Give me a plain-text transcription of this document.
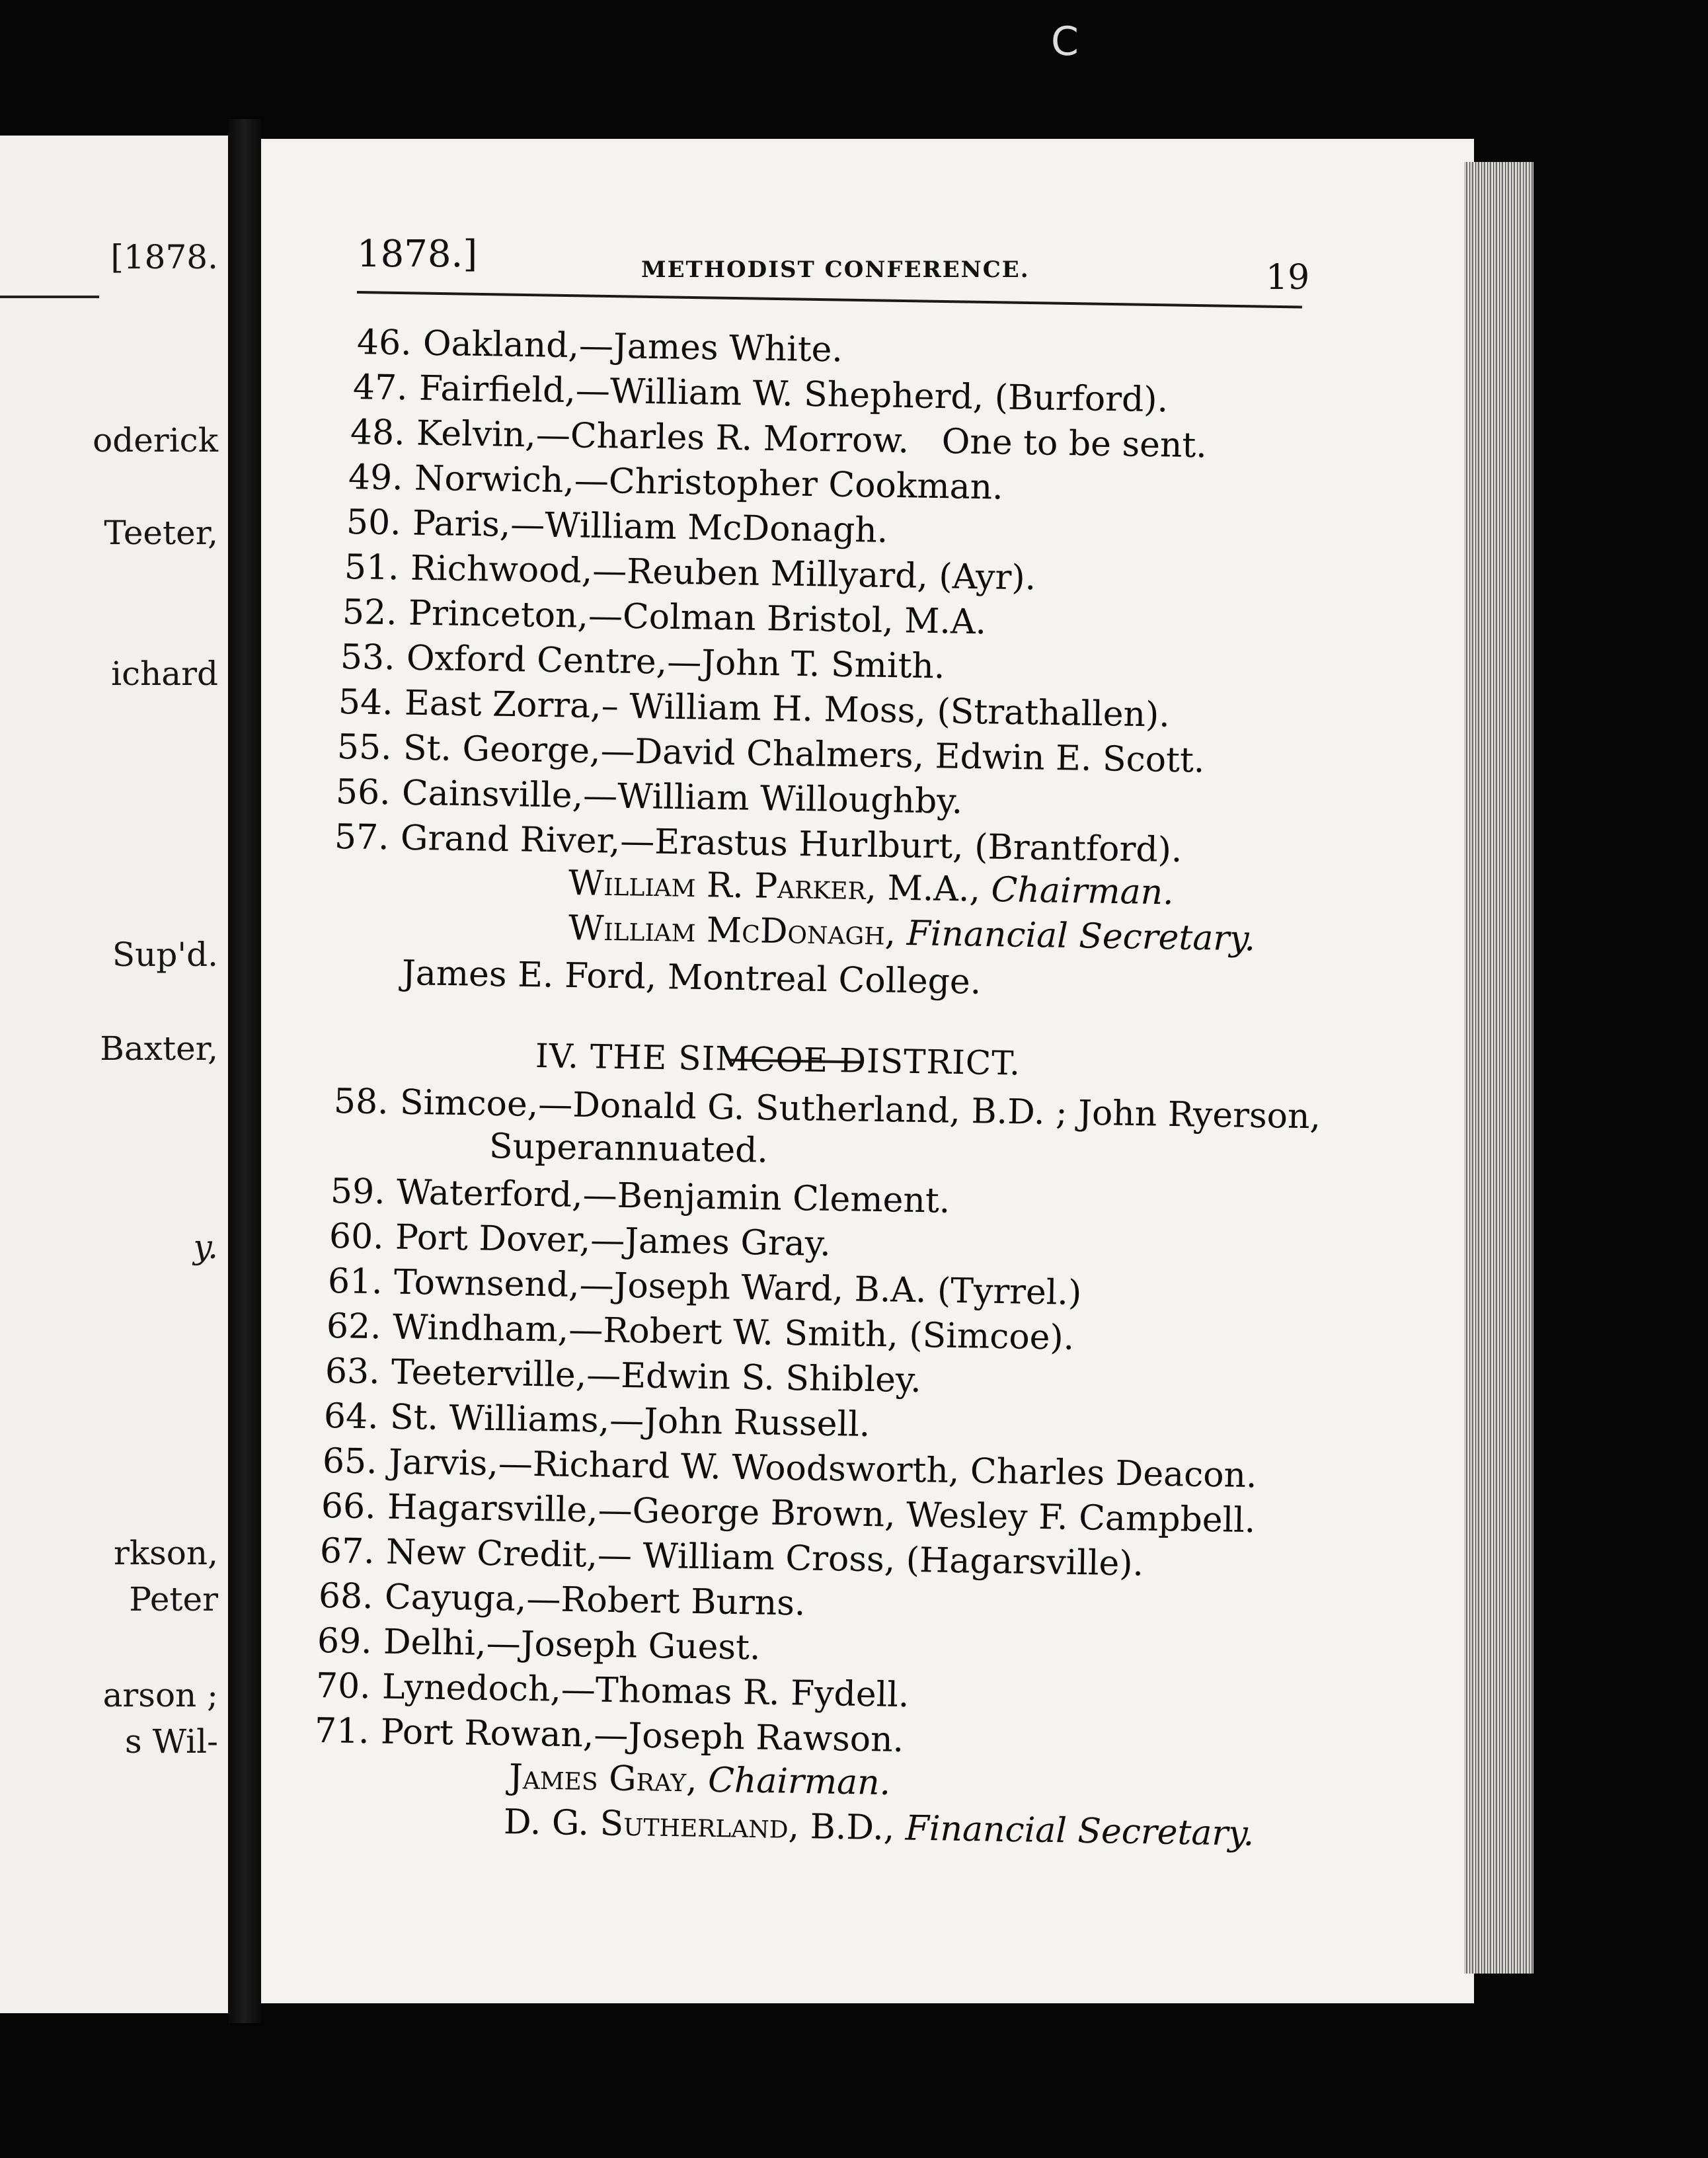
C
[1878.
oderick
Teeter,
ichard
Sup'd.
Baxter,
y.
rkson,
Peter
arson ;
s Wil-
1878.]	METHODIST CONFERENCE.	19
46. Oakland,—James White.
47. Fairfield,—William W. Shepherd, (Burford).
48. Kelvin,—Charles R. Morrow.   One to be sent.
49. Norwich,—Christopher Cookman.
50. Paris,—William McDonagh.
51. Richwood,—Reuben Millyard, (Ayr).
52. Princeton,—Colman Bristol, M.A.
53. Oxford Centre,—John T. Smith.
54. East Zorra,– William H. Moss, (Strathallen).
55. St. George,—David Chalmers, Edwin E. Scott.
56. Cainsville,—William Willoughby.
57. Grand River,—Erastus Hurlburt, (Brantford).
William R. Parker, M.A., Chairman.
William McDonagh, Financial Secretary.
James E. Ford, Montreal College.
IV. THE SIMCOE DISTRICT.
58. Simcoe,—Donald G. Sutherland, B.D. ; John Ryerson,
Superannuated.
59. Waterford,—Benjamin Clement.
60. Port Dover,—James Gray.
61. Townsend,—Joseph Ward, B.A. (Tyrrel.)
62. Windham,—Robert W. Smith, (Simcoe).
63. Teeterville,—Edwin S. Shibley.
64. St. Williams,—John Russell.
65. Jarvis,—Richard W. Woodsworth, Charles Deacon.
66. Hagarsville,—George Brown, Wesley F. Campbell.
67. New Credit,— William Cross, (Hagarsville).
68. Cayuga,—Robert Burns.
69. Delhi,—Joseph Guest.
70. Lynedoch,—Thomas R. Fydell.
71. Port Rowan,—Joseph Rawson.
James Gray, Chairman.
D. G. Sutherland, B.D., Financial Secretary.
